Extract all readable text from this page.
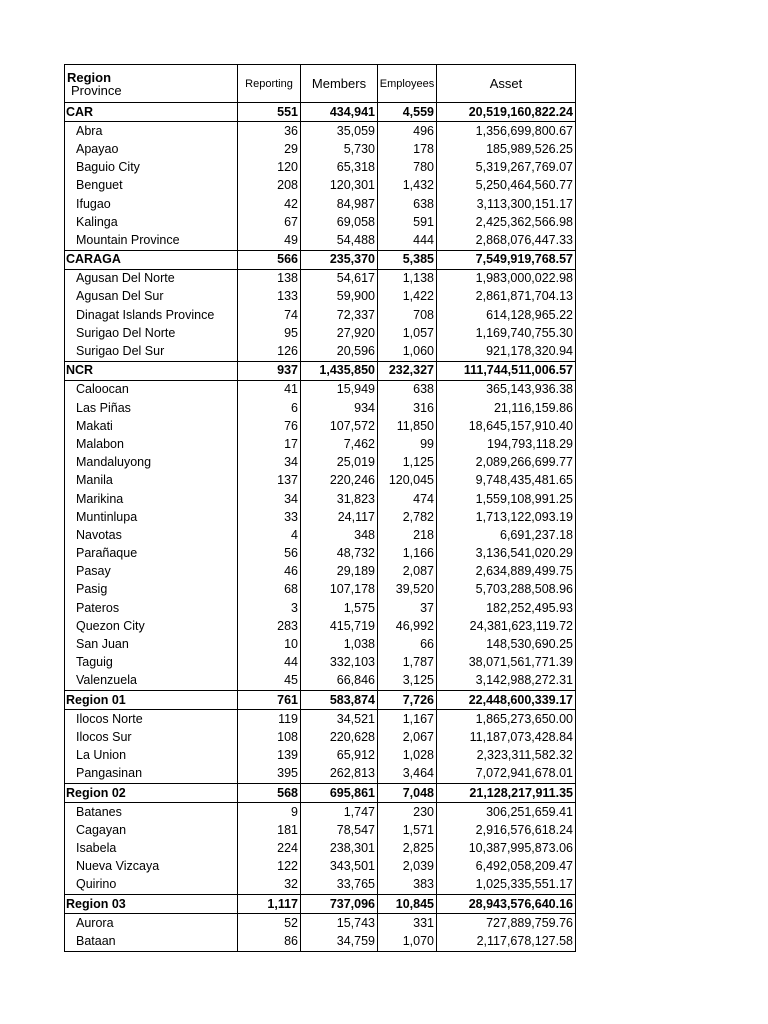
Region
Province	Reporting	Members	Employees	Asset
CAR	551	434,941	4,559	20,519,160,822.24
Abra	36	35,059	496	1,356,699,800.67
Apayao	29	5,730	178	185,989,526.25
Baguio City	120	65,318	780	5,319,267,769.07
Benguet	208	120,301	1,432	5,250,464,560.77
Ifugao	42	84,987	638	3,113,300,151.17
Kalinga	67	69,058	591	2,425,362,566.98
Mountain Province	49	54,488	444	2,868,076,447.33
CARAGA	566	235,370	5,385	7,549,919,768.57
Agusan Del Norte	138	54,617	1,138	1,983,000,022.98
Agusan Del Sur	133	59,900	1,422	2,861,871,704.13
Dinagat Islands Province	74	72,337	708	614,128,965.22
Surigao Del Norte	95	27,920	1,057	1,169,740,755.30
Surigao Del Sur	126	20,596	1,060	921,178,320.94
NCR	937	1,435,850	232,327	111,744,511,006.57
Caloocan	41	15,949	638	365,143,936.38
Las Piñas	6	934	316	21,116,159.86
Makati	76	107,572	11,850	18,645,157,910.40
Malabon	17	7,462	99	194,793,118.29
Mandaluyong	34	25,019	1,125	2,089,266,699.77
Manila	137	220,246	120,045	9,748,435,481.65
Marikina	34	31,823	474	1,559,108,991.25
Muntinlupa	33	24,117	2,782	1,713,122,093.19
Navotas	4	348	218	6,691,237.18
Parañaque	56	48,732	1,166	3,136,541,020.29
Pasay	46	29,189	2,087	2,634,889,499.75
Pasig	68	107,178	39,520	5,703,288,508.96
Pateros	3	1,575	37	182,252,495.93
Quezon City	283	415,719	46,992	24,381,623,119.72
San Juan	10	1,038	66	148,530,690.25
Taguig	44	332,103	1,787	38,071,561,771.39
Valenzuela	45	66,846	3,125	3,142,988,272.31
Region 01	761	583,874	7,726	22,448,600,339.17
Ilocos Norte	119	34,521	1,167	1,865,273,650.00
Ilocos Sur	108	220,628	2,067	11,187,073,428.84
La Union	139	65,912	1,028	2,323,311,582.32
Pangasinan	395	262,813	3,464	7,072,941,678.01
Region 02	568	695,861	7,048	21,128,217,911.35
Batanes	9	1,747	230	306,251,659.41
Cagayan	181	78,547	1,571	2,916,576,618.24
Isabela	224	238,301	2,825	10,387,995,873.06
Nueva Vizcaya	122	343,501	2,039	6,492,058,209.47
Quirino	32	33,765	383	1,025,335,551.17
Region 03	1,117	737,096	10,845	28,943,576,640.16
Aurora	52	15,743	331	727,889,759.76
Bataan	86	34,759	1,070	2,117,678,127.58
